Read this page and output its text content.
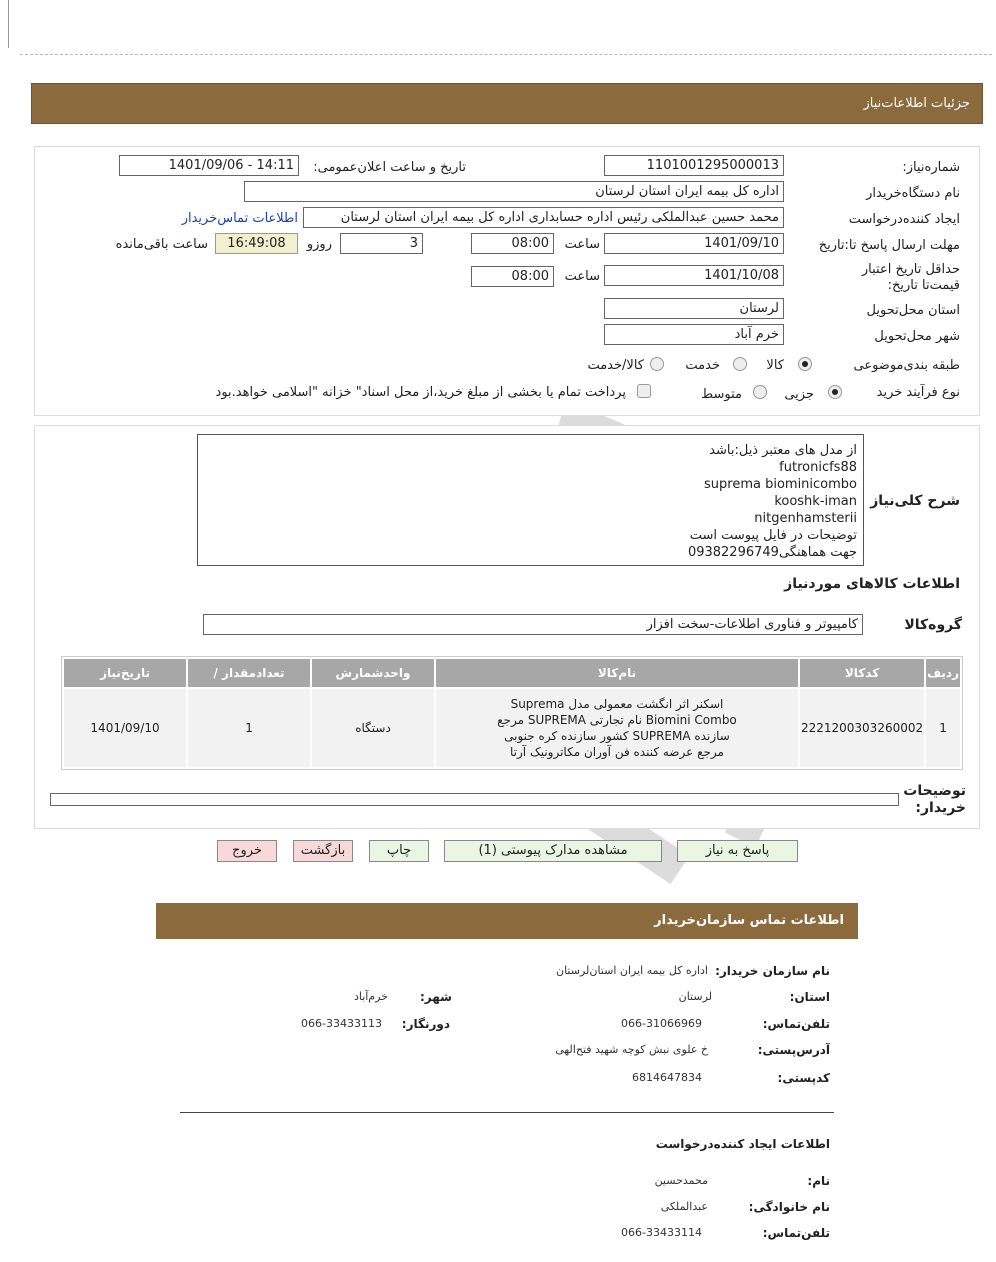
جزئیات اطلاعات‌نیاز
شماره‌نیاز:
1101001295000013
تاریخ و ساعت اعلان‌عمومی:
1401/09/06 - 14:11
نام دستگاه‌خریدار
اداره کل بیمه ایران استان لرستان
ایجاد کننده‌درخواست
محمد حسین عبدالملکی رئیس اداره حسابداری اداره کل بیمه ایران استان لرستان
اطلاعات تماس‌خریدار
مهلت ارسال پاسخ تا:تاریخ
1401/09/10
ساعت
08:00
3
روزو
16:49:08
ساعت باقی‌مانده
حداقل تاریخ اعتبار قیمت‌تا تاریخ:
1401/10/08
ساعت
08:00
استان محل‌تحویل
لرستان
شهر محل‌تحویل
خرم آباد
طبقه بندی‌موضوعی
کالا
خدمت
کالا/خدمت
نوع فرآیند خرید
جزیی
متوسط
پرداخت تمام یا بخشی از مبلغ خرید،از محل اسناد" خزانه "اسلامی خواهد.بود
از مدل های معتبر ذیل:باشد
futronicfs88
suprema biominicombo
kooshk-iman
nitgenhamsterii
توضیحات در فایل پیوست است
جهت هماهنگی09382296749
شرح کلی‌نیاز
اطلاعات کالاهای موردنیاز
گروه‌کالا
کامپیوتر و فناوری اطلاعات-سخت افزار
ردیف	کدکالا	نام‌کالا	واحدشمارش	تعدادمقدار /	تاریخ‌نیاز
1	2221200303260002	اسکنر اثر انگشت معمولی مدل Suprema Biomini Combo نام تجارتی SUPREMA مرجع سازنده SUPREMA کشور سازنده کره جنوبی مرجع عرضه کننده فن آوران مکاترونیک آرتا	دستگاه	1	1401/09/10
توضیحات خریدار:
پاسخ به نیاز
مشاهده مدارک پیوستی (1)
چاپ
بازگشت
خروج
اطلاعات تماس سازمان‌خریدار
نام سازمان خریدار:
اداره کل بیمه ایران استان‌لرستان
استان:
لرستان
شهر:
خرم‌آباد
تلفن‌تماس:
066-31066969
دورنگار:
066-33433113
آدرس‌پستی:
خ علوی نبش کوچه شهید فتح‌الهی
کدپستی:
6814647834
اطلاعات ایجاد کننده‌درخواست
نام:
محمدحسین
نام خانوادگی:
عبدالملکی
تلفن‌تماس:
066-33433114
